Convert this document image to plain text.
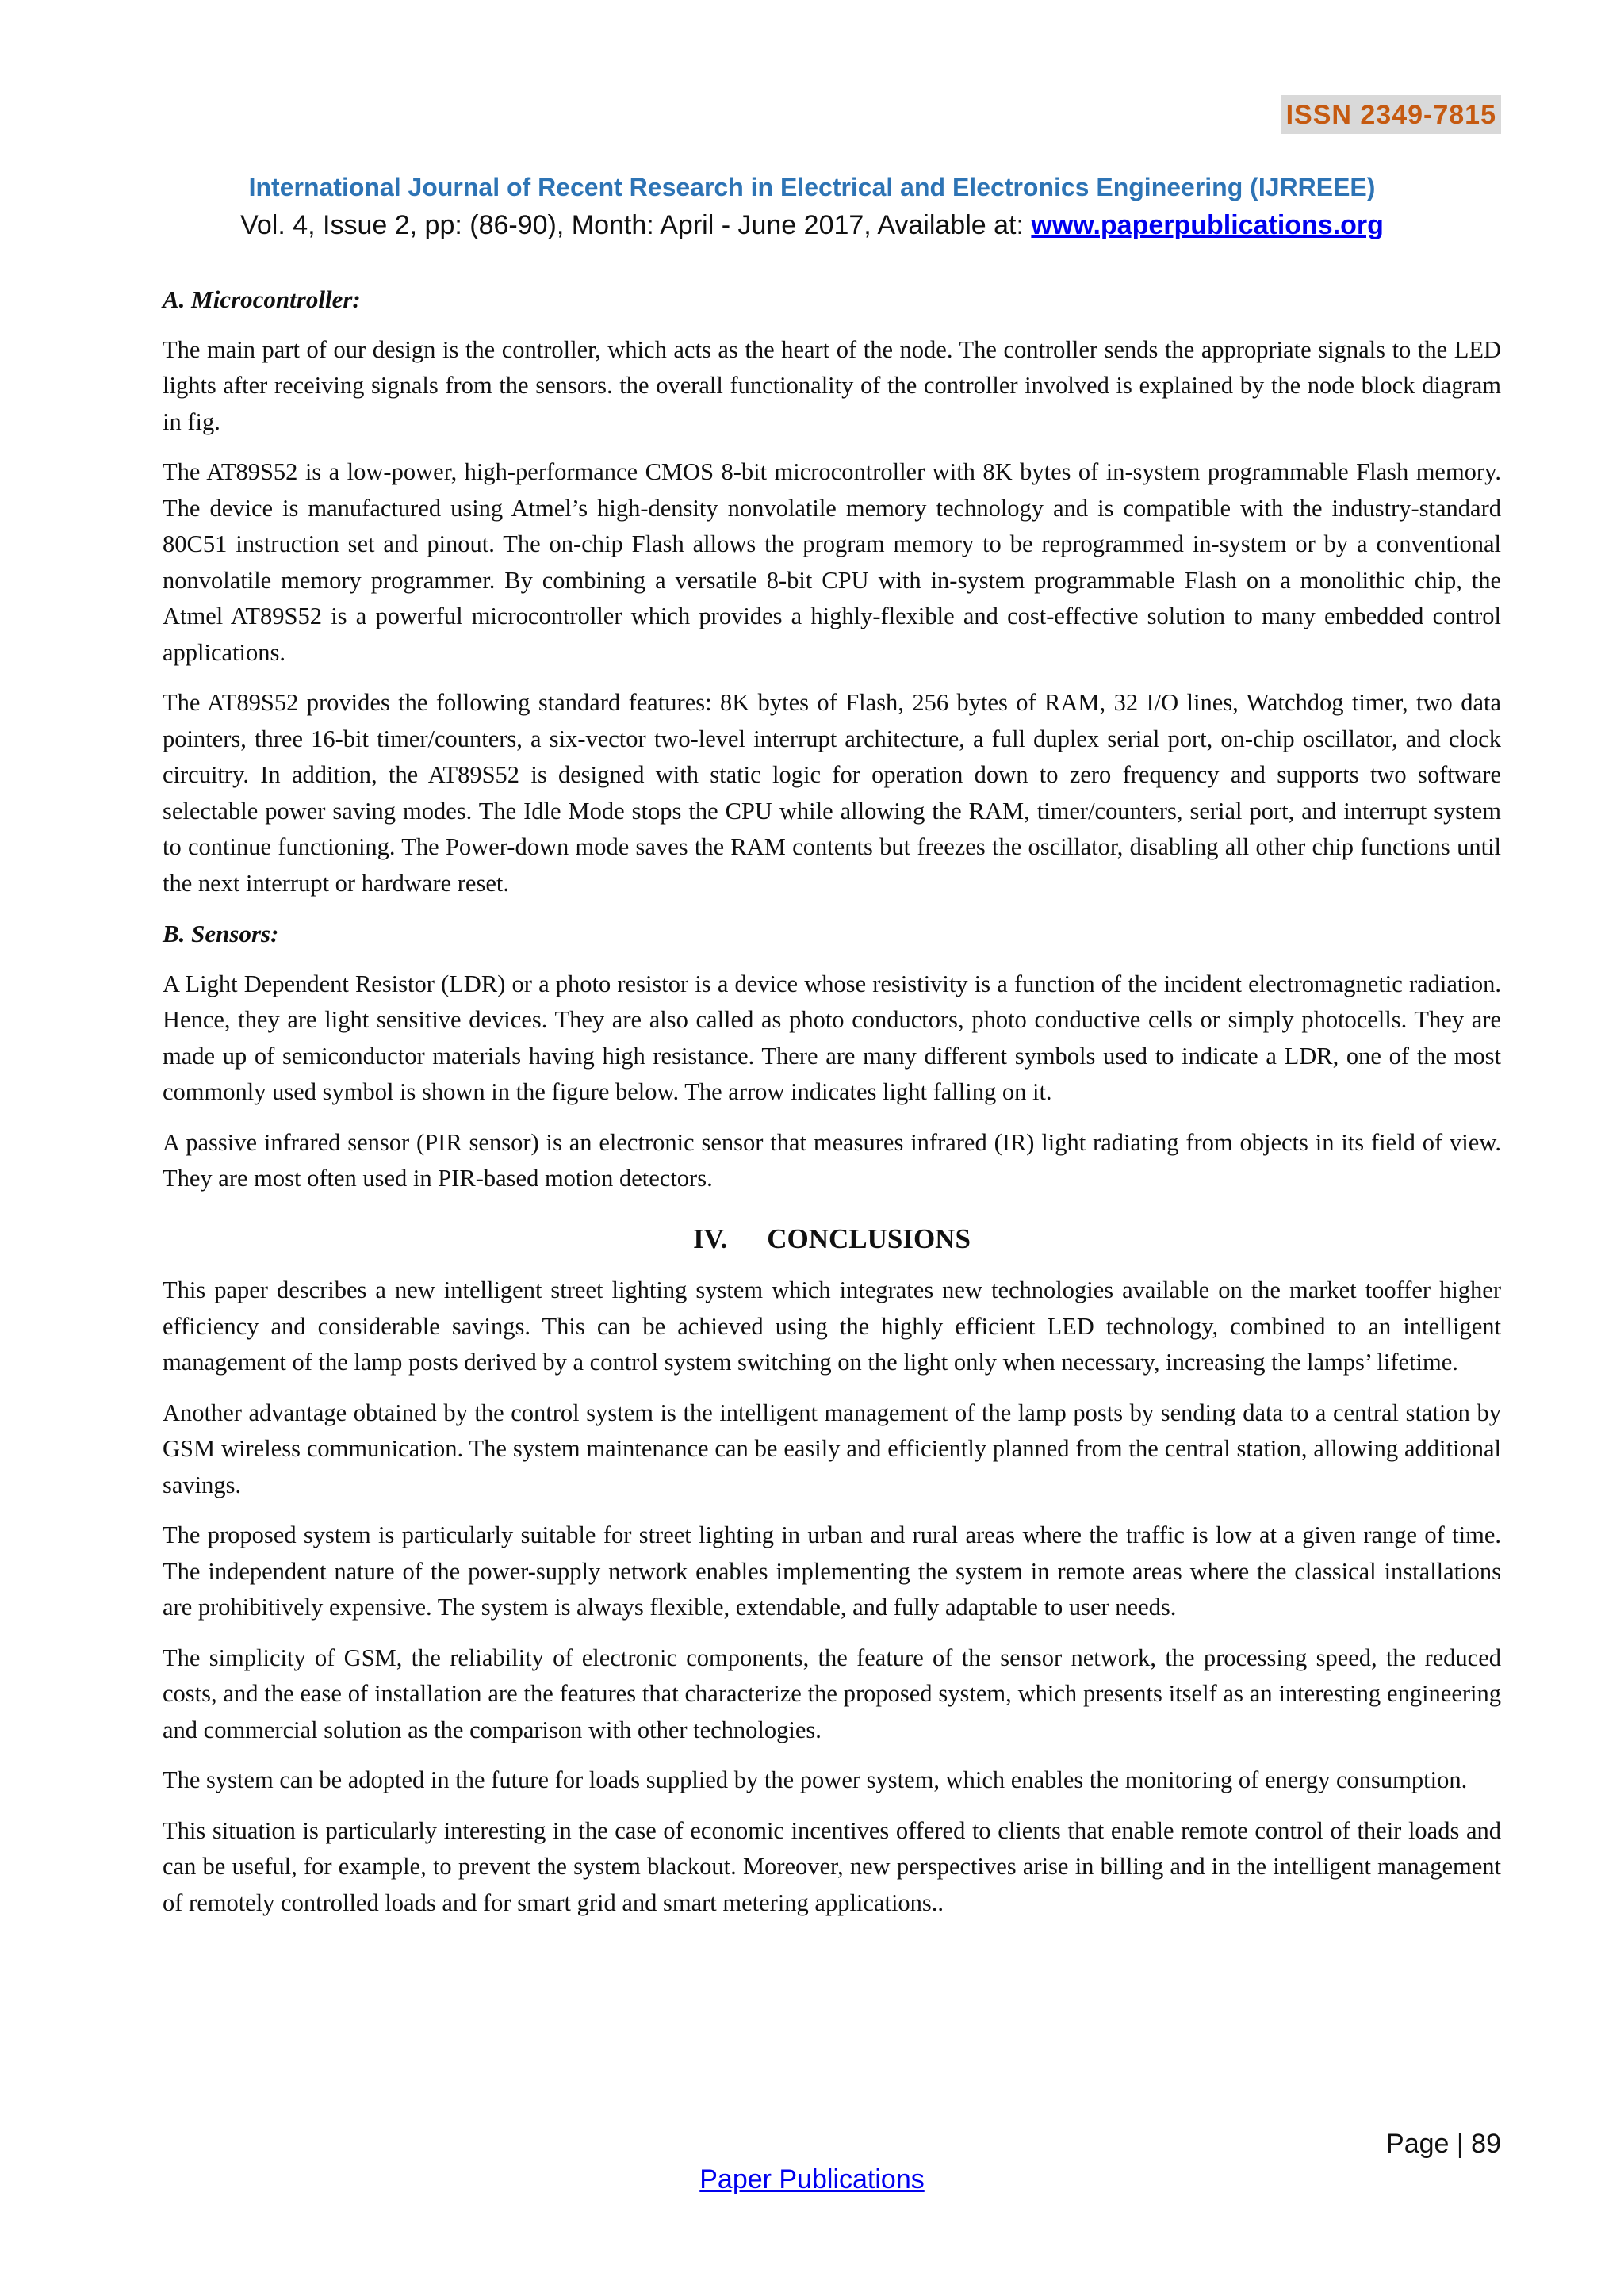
ISSN 2349-7815
International Journal of Recent Research in Electrical and Electronics Engineering (IJRREEE)
Vol. 4, Issue 2, pp: (86-90), Month: April - June 2017, Available at: www.paperpublications.org
A. Microcontroller:

The main part of our design is the controller, which acts as the heart of the node. The controller sends the appropriate signals to the LED lights after receiving signals from the sensors. the overall functionality of the controller involved is explained by the node block diagram in fig.

The AT89S52 is a low-power, high-performance CMOS 8-bit microcontroller with 8K bytes of in-system programmable Flash memory. The device is manufactured using Atmel’s high-density nonvolatile memory technology and is compatible with the industry-standard 80C51 instruction set and pinout. The on-chip Flash allows the program memory to be reprogrammed in-system or by a conventional nonvolatile memory programmer. By combining a versatile 8-bit CPU with in-system programmable Flash on a monolithic chip, the Atmel AT89S52 is a powerful microcontroller which provides a highly-flexible and cost-effective solution to many embedded control applications.

The AT89S52 provides the following standard features: 8K bytes of Flash, 256 bytes of RAM, 32 I/O lines, Watchdog timer, two data pointers, three 16-bit timer/counters, a six-vector two-level interrupt architecture, a full duplex serial port, on-chip oscillator, and clock circuitry. In addition, the AT89S52 is designed with static logic for operation down to zero frequency and supports two software selectable power saving modes. The Idle Mode stops the CPU while allowing the RAM, timer/counters, serial port, and interrupt system to continue functioning. The Power-down mode saves the RAM contents but freezes the oscillator, disabling all other chip functions until the next interrupt or hardware reset.

B. Sensors:

A Light Dependent Resistor (LDR) or a photo resistor is a device whose resistivity is a function of the incident electromagnetic radiation. Hence, they are light sensitive devices. They are also called as photo conductors, photo conductive cells or simply photocells. They are made up of semiconductor materials having high resistance. There are many different symbols used to indicate a LDR, one of the most commonly used symbol is shown in the figure below. The arrow indicates light falling on it.

A passive infrared sensor (PIR sensor) is an electronic sensor that measures infrared (IR) light radiating from objects in its field of view. They are most often used in PIR-based motion detectors.

IV. CONCLUSIONS

This paper describes a new intelligent street lighting system which integrates new technologies available on the market tooffer higher efficiency and considerable savings. This can be achieved using the highly efficient LED technology, combined to an intelligent management of the lamp posts derived by a control system switching on the light only when necessary, increasing the lamps’ lifetime.

Another advantage obtained by the control system is the intelligent management of the lamp posts by sending data to a central station by GSM wireless communication. The system maintenance can be easily and efficiently planned from the central station, allowing additional savings.

The proposed system is particularly suitable for street lighting in urban and rural areas where the traffic is low at a given range of time. The independent nature of the power-supply network enables implementing the system in remote areas where the classical installations are prohibitively expensive. The system is always flexible, extendable, and fully adaptable to user needs.

The simplicity of GSM, the reliability of electronic components, the feature of the sensor network, the processing speed, the reduced costs, and the ease of installation are the features that characterize the proposed system, which presents itself as an interesting engineering and commercial solution as the comparison with other technologies.

The system can be adopted in the future for loads supplied by the power system, which enables the monitoring of energy consumption.

This situation is particularly interesting in the case of economic incentives offered to clients that enable remote control of their loads and can be useful, for example, to prevent the system blackout. Moreover, new perspectives arise in billing and in the intelligent management of remotely controlled loads and for smart grid and smart metering applications..

Page | 89
Paper Publications
